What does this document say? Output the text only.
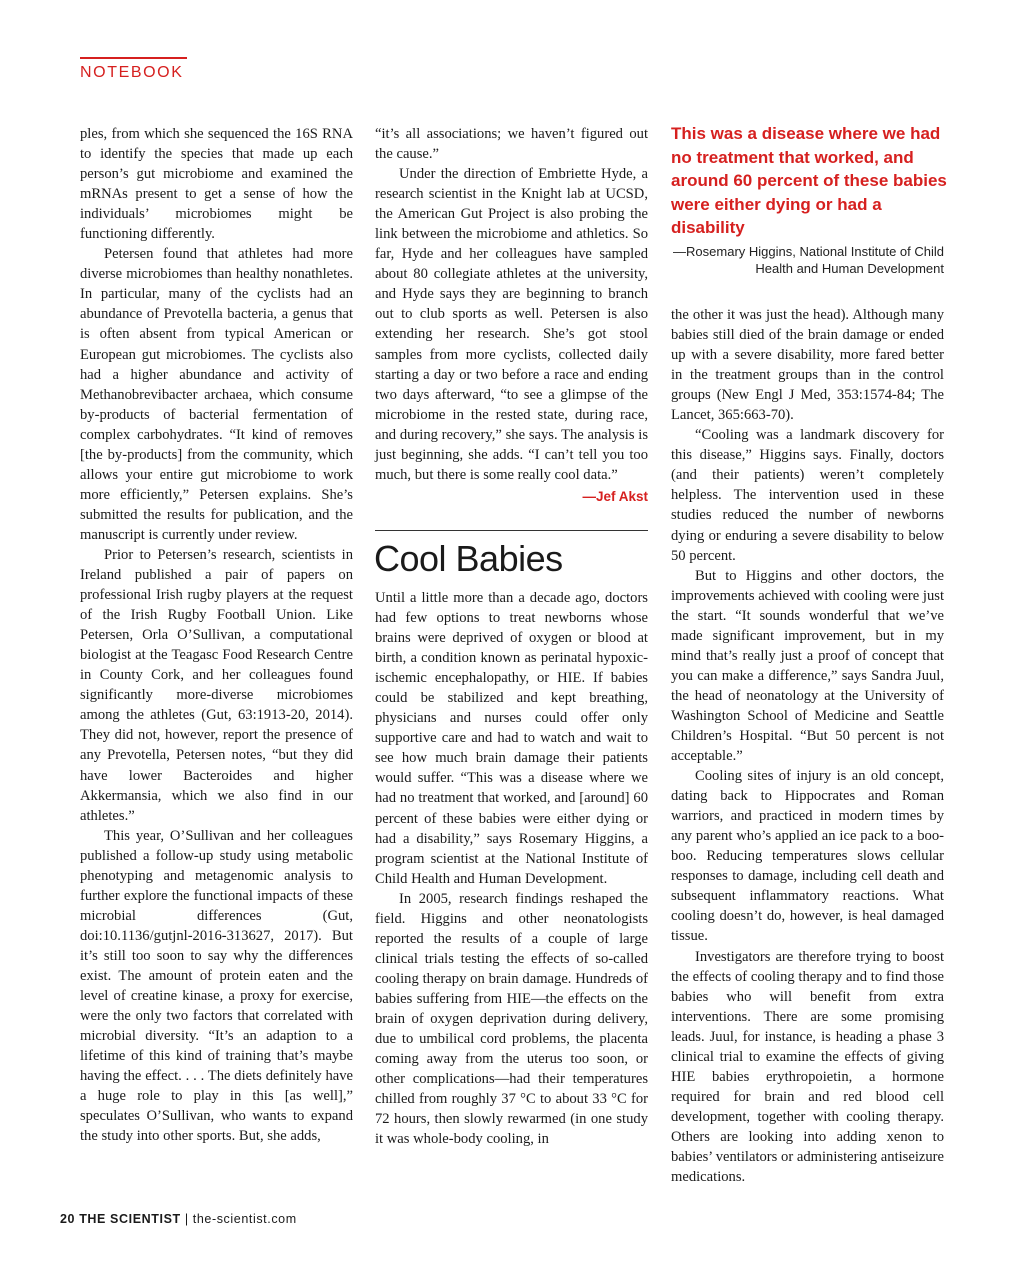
NOTEBOOK

ples, from which she sequenced the 16S RNA to identify the species that made up each person’s gut microbiome and examined the mRNAs present to get a sense of how the individuals’ microbiomes might be functioning differently.

Petersen found that athletes had more diverse microbiomes than healthy nonathletes. In particular, many of the cyclists had an abundance of Prevotella bacteria, a genus that is often absent from typical American or European gut microbiomes. The cyclists also had a higher abundance and activity of Methanobrevibacter archaea, which consume by-products of bacterial fermentation of complex carbohydrates. “It kind of removes [the by-products] from the community, which allows your entire gut microbiome to work more efficiently,” Petersen explains. She’s submitted the results for publication, and the manuscript is currently under review.

Prior to Petersen’s research, scientists in Ireland published a pair of papers on professional Irish rugby players at the request of the Irish Rugby Football Union. Like Petersen, Orla O’Sullivan, a computational biologist at the Teagasc Food Research Centre in County Cork, and her colleagues found significantly more-diverse microbiomes among the athletes (Gut, 63:1913-20, 2014). They did not, however, report the presence of any Prevotella, Petersen notes, “but they did have lower Bacteroides and higher Akkermansia, which we also find in our athletes.”

This year, O’Sullivan and her colleagues published a follow-up study using metabolic phenotyping and metagenomic analysis to further explore the functional impacts of these microbial differences (Gut, doi:10.1136/gutjnl-2016-313627, 2017). But it’s still too soon to say why the differences exist. The amount of protein eaten and the level of creatine kinase, a proxy for exercise, were the only two factors that correlated with microbial diversity. “It’s an adaption to a lifetime of this kind of training that’s maybe having the effect. . . . The diets definitely have a huge role to play in this [as well],” speculates O’Sullivan, who wants to expand the study into other sports. But, she adds,

“it’s all associations; we haven’t figured out the cause.”

Under the direction of Embriette Hyde, a research scientist in the Knight lab at UCSD, the American Gut Project is also probing the link between the microbiome and athletics. So far, Hyde and her colleagues have sampled about 80 collegiate athletes at the university, and Hyde says they are beginning to branch out to club sports as well. Petersen is also extending her research. She’s got stool samples from more cyclists, collected daily starting a day or two before a race and ending two days afterward, “to see a glimpse of the microbiome in the rested state, during race, and during recovery,” she says. The analysis is just beginning, she adds. “I can’t tell you too much, but there is some really cool data.”

—Jef Akst
Cool Babies

Until a little more than a decade ago, doctors had few options to treat newborns whose brains were deprived of oxygen or blood at birth, a condition known as perinatal hypoxic-ischemic encephalopathy, or HIE. If babies could be stabilized and kept breathing, physicians and nurses could offer only supportive care and had to watch and wait to see how much brain damage their patients would suffer. “This was a disease where we had no treatment that worked, and [around] 60 percent of these babies were either dying or had a disability,” says Rosemary Higgins, a program scientist at the National Institute of Child Health and Human Development.

In 2005, research findings reshaped the field. Higgins and other neonatologists reported the results of a couple of large clinical trials testing the effects of so-called cooling therapy on brain damage. Hundreds of babies suffering from HIE—the effects on the brain of oxygen deprivation during delivery, due to umbilical cord problems, the placenta coming away from the uterus too soon, or other complications—had their temperatures chilled from roughly 37 °C to about 33 °C for 72 hours, then slowly rewarmed (in one study it was whole-body cooling, in

This was a disease where we had no treatment that worked, and around 60 percent of these babies were either dying or had a disability
—Rosemary Higgins, National Institute of Child Health and Human Development

the other it was just the head). Although many babies still died of the brain damage or ended up with a severe disability, more fared better in the treatment groups than in the control groups (New Engl J Med, 353:1574-84; The Lancet, 365:663-70).

“Cooling was a landmark discovery for this disease,” Higgins says. Finally, doctors (and their patients) weren’t completely helpless. The intervention used in these studies reduced the number of newborns dying or enduring a severe disability to below 50 percent.

But to Higgins and other doctors, the improvements achieved with cooling were just the start. “It sounds wonderful that we’ve made significant improvement, but in my mind that’s really just a proof of concept that you can make a difference,” says Sandra Juul, the head of neonatology at the University of Washington School of Medicine and Seattle Children’s Hospital. “But 50 percent is not acceptable.”

Cooling sites of injury is an old concept, dating back to Hippocrates and Roman warriors, and practiced in modern times by any parent who’s applied an ice pack to a boo-boo. Reducing temperatures slows cellular responses to damage, including cell death and subsequent inflammatory reactions. What cooling doesn’t do, however, is heal damaged tissue.

Investigators are therefore trying to boost the effects of cooling therapy and to find those babies who will benefit from extra interventions. There are some promising leads. Juul, for instance, is heading a phase 3 clinical trial to examine the effects of giving HIE babies erythropoietin, a hormone required for brain and red blood cell development, together with cooling therapy. Others are looking into adding xenon to babies’ ventilators or administering antiseizure medications.

20 THE SCIENTIST | the-scientist.com
